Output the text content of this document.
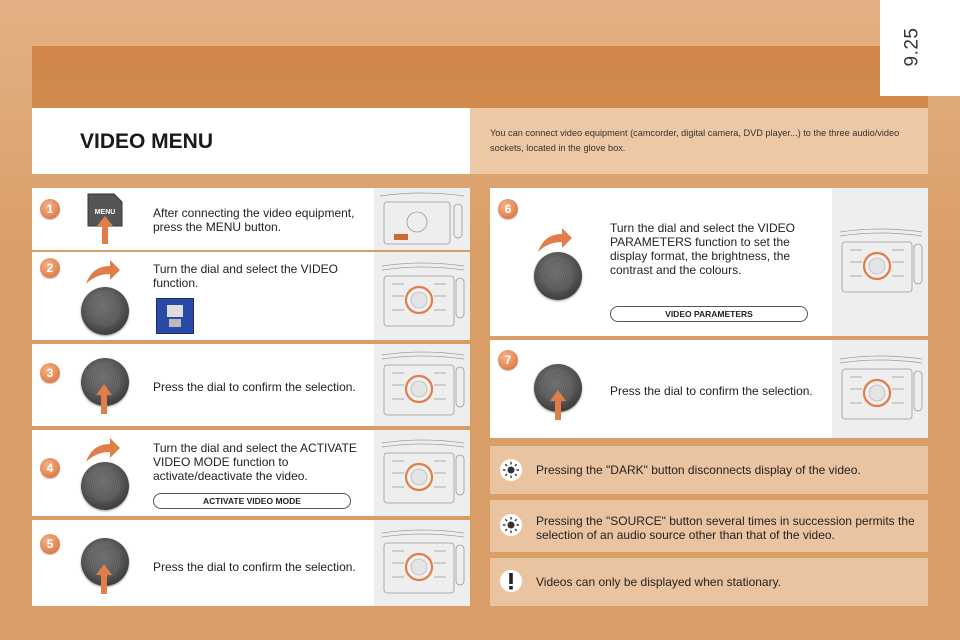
9.25
VIDEO MENU	You can connect video equipment (camcorder, digital camera, DVD player...) to the three audio/video sockets, located in the glove box.
1	MENU	After connecting the video equipment, press the MENU button.
2	Turn the dial and select the VIDEO function.
3
Press the dial to confirm the selection.
4
Turn the dial and select the ACTIVATE VIDEO MODE function to activate/deactivate the video.
ACTIVATE VIDEO MODE
5
Press the dial to confirm the selection.
6
Turn the dial and select the VIDEO PARAMETERS function to set the display format, the brightness, the contrast and the colours.
VIDEO PARAMETERS
7
Press the dial to confirm the selection.
Pressing the "DARK" button disconnects display of the video.
Pressing the "SOURCE" button several times in succession permits the selection of an audio source other than that of the video.
Videos can only be displayed when stationary.
